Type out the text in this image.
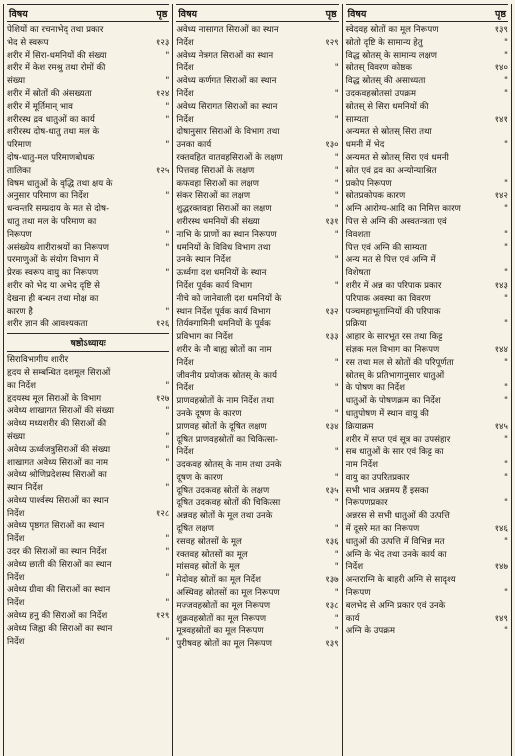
विषय	पृष्ठ
पेशियों का रचनाभेद् तथा प्रकार
भेद से स्वरूप	१२३
शरीर में सिरा-धमनियों की संख्या	"
शरीर में केश रमश्रु तथा रोमों की
संख्या	"
शरीर में स्रोतों की अंसख्यता	१२४
शरीर में मूर्तिमान् भाव	"
शरीरस्थ द्रव धातुओं का कार्य	"
शरीरस्थ दोष-धातु तथा मल के
परिमाण	"
दोष-धातु-मल परिमाणबोधक
तालिका	१२५
विषम धातुओं के वृद्धि तथा क्षय के
अनुसार परिमाण का निर्देश	"
धन्वन्तरि सम्प्रदाय के मत से दोष-
धातु तथा मल के परिमाण का
निरूपण	"
असंख्येय शारीराश्रयों का निरूपण	"
परमाणुओं के संयोग विभाग में
प्रेरक स्वरूप वायु का निरूपण	"
शरीर को भेद या अभेद दृष्टि से
देखना ही बन्धन तथा मोक्ष का
कारण है	"
शरीर ज्ञान की आवश्यकता	१२६
षष्ठोऽध्यायः
सिराविभागीय शारीर
हृदय से सम्बन्धित दशमूल सिराओं
का निर्देश	"
हृदयस्थ मूल सिराओं के विभाग	१२७
अवेध्य शाखागत सिराओं की संख्या	"
अवेध्य मध्यशरीर की सिराओं की
संख्या	"
अवेध्य ऊर्ध्वजत्रुसिराओं की संख्या	"
शाखागत अवेध्य सिराओं का नाम	"
अवेध्य श्रोणिप्रदेशस्थ सिराओं का
स्थान निर्देश	"
अवेध्य पार्श्वस्थ सिराओं का स्थान
निर्देश	१२८
अवेध्य पृष्ठगत सिराओं का स्थान
निर्देश	"
उदर की सिराओं का स्थान निर्देश	"
अवेध्य छाती की सिराओं का स्थान
निर्देश	"
अवेध्य ग्रीवा की सिराओं का स्थान
निर्देश	"
अवेध्य हनु की सिराओं का निर्देश	१२९
अवेध्य जिह्वा की सिराओं का स्थान
निर्देश	"
विषय	पृष्ठ
अवेध्य नासागत सिराओं का स्थान
निर्देश	१२९
अवेध्य नेत्रगत सिराओं का स्थान
निर्देश	"
अवेध्य कर्णगत सिराओं का स्थान
निर्देश	"
अवेध्य सिरागत सिराओं का स्थान
निर्देश	"
दोषानुसार सिराओं के विभाग तथा
उनका कार्य	१३०
रक्तवहित वातवहसिराओं के लक्षण	"
पित्तवह सिराओं के लक्षण	"
कफवहा सिराओं का लक्षण	"
संकर सिराओं का लक्षण	"
शुद्धरक्तवहा सिराओं का लक्षण	"
शरीरस्थ धमनियों की संख्या	१३१
नाभि के प्राणों का स्थान निरूपण	"
धमनियों के विविध विभाग तथा
उनके स्थान निर्देश	"
ऊर्ध्वगा दश धमनियों के स्थान
निर्देश पूर्वक कार्य विभाग	"
नीचे को जानेवाली दश धमनियों के
स्थान निर्देश पूर्वक कार्य विभाग	१३२
तिर्यक्गामिनी धमनियों के पूर्वक
प्रविभाग का निर्देश	१३३
शरीर के नौ बाह्य स्रोतों का नाम
निर्देश	"
जीवनीय प्रयोजक स्रोतस् के कार्य
निर्देश	"
प्राणवहस्रोतों के नाम निर्देश तथा
उनके दूषण के कारण	"
प्राणवह स्रोतों के दूषित लक्षण	१३४
दूषित प्राणवहस्रोतों का चिकित्सा-
निर्देश	"
उदकवह स्रोतस् के नाम तथा उनके
दूषण के कारण	"
दूषित उदकवह स्रोतों के लक्षण	१३५
दूषित उदकवह स्रोतों की चिकित्सा	"
अन्नवह स्रोतों के मूल तथा उनके
दूषित लक्षण	"
रसवह स्रोतसों के मूल	१३६
रक्तवह स्रोतसों का मूल	"
मांसवह स्रोतों के मूल	"
मेदोवह स्रोतों का मूल निर्देश	१३७
अस्थिवह स्रोतसों का मूल निरूपण	"
मज्जवहस्रोतों का मूल निरूपण	१३८
शुक्रवहस्रोतों का मूल निरूपण	"
मूत्रवहस्रोतों का मूल निरूपण	"
पुरीषवह स्रोतों का मूल निरूपण	१३९
विषय	पृष्ठ
स्वेदवह स्रोतों का मूल निरूपण	१३९
स्रोतो दृष्टि के सामान्य हेतु	"
विद्ध स्रोतस् के सामान्य लक्षण	"
स्रोतस् विवरण कोष्ठक	१४०
विद्ध स्रोतस् की असाध्यता	"
उदकवहस्रोतसां उपक्रम	"
स्रोतस् से सिरा धमनियों की
साम्यता	१४१
अन्यमत से स्रोतस् सिरा तथा
धमनी में भेद	"
अन्यमत से स्रोतस् सिरा एवं धमनी
स्रोत एवं द्रव का अन्योन्याश्रित
प्रकोप निरूपण	"
स्रोतप्रकोपक कारण	१४२
अग्नि आरोग्य-आदि का निमित्त कारण	"
पित्त से अग्नि की अस्वतन्त्रता एवं
विवशता	"
पित्त एवं अग्नि की साम्यता	"
अन्य मत से पित्त एवं अग्नि में
विशेषता	"
शरीर में अन्न का परिपाक प्रकार	१४३
परिपाक अवस्था का विवरण	"
पञ्चमहाभूताग्नियों की परिपाक
प्रक्रिया	"
आहार के सारभूत रस तथा किट्ट
संज्ञक मल विभाग का निरूपण	१४४
रस तथा मल से स्रोतों की परिपूर्णता	"
स्रोतस् के प्रतिभागानुसार धातुओं
के पोषण का निर्देश	"
धातुओं के पोषणक्रम का निर्देश	"
धातुपोषण में स्थान वायु की
क्रियाक्रम	१४५
शरीर में सप्त एवं सूत्र का उपसंहार	"
सब धातुओं के सार एवं किट्ट का
नाम निर्देश	"
वायु का उपरितप्रकार	"
सभी भाव अन्नमय हैं इसका
निरूपणप्रकार	"
अन्नरस से सभी धातुओं की उत्पत्ति
में दूसरे मत का निरूपण	१४६
धातुओं की उत्पत्ति में विभिन्न मत	"
अग्नि के भेद तथा उनके कार्य का
निर्देश	१४७
अन्तराग्नि के बाहरी अग्नि से सादृश्य
निरूपण	"
बलभेद से अग्नि प्रकार एवं उनके
कार्य	१४९
अग्नि के उपक्रम	"
